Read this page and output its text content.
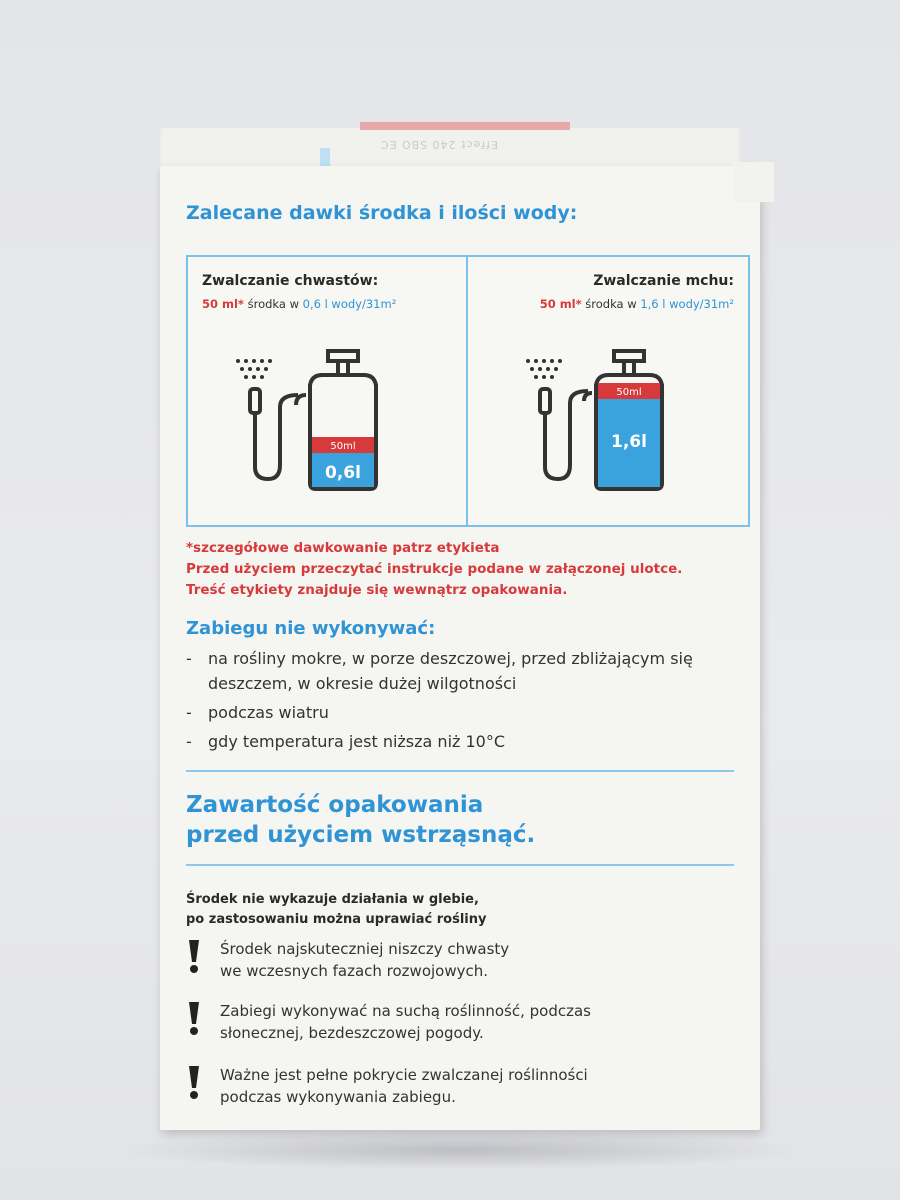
Effect 240 SBO EC
Zalecane dawki środka i ilości wody:
Zwalczanie chwastów:
50 ml* środka w 0,6 l wody/31m²
50ml
0,6l
Zwalczanie mchu:
50 ml* środka w 1,6 l wody/31m²
50ml
1,6l
*szczegółowe dawkowanie patrz etykieta
Przed użyciem przeczytać instrukcje podane w załączonej ulotce.
Treść etykiety znajduje się wewnątrz opakowania.
Zabiegu nie wykonywać:
- na rośliny mokre, w porze deszczowej, przed zbliżającym się deszczem, w okresie dużej wilgotności
- podczas wiatru
- gdy temperatura jest niższa niż 10°C
Zawartość opakowania
przed użyciem wstrząsnąć.
Środek nie wykazuje działania w glebie,
po zastosowaniu można uprawiać rośliny
Środek najskuteczniej niszczy chwasty
we wczesnych fazach rozwojowych.
Zabiegi wykonywać na suchą roślinność, podczas
słonecznej, bezdeszczowej pogody.
Ważne jest pełne pokrycie zwalczanej roślinności
podczas wykonywania zabiegu.
